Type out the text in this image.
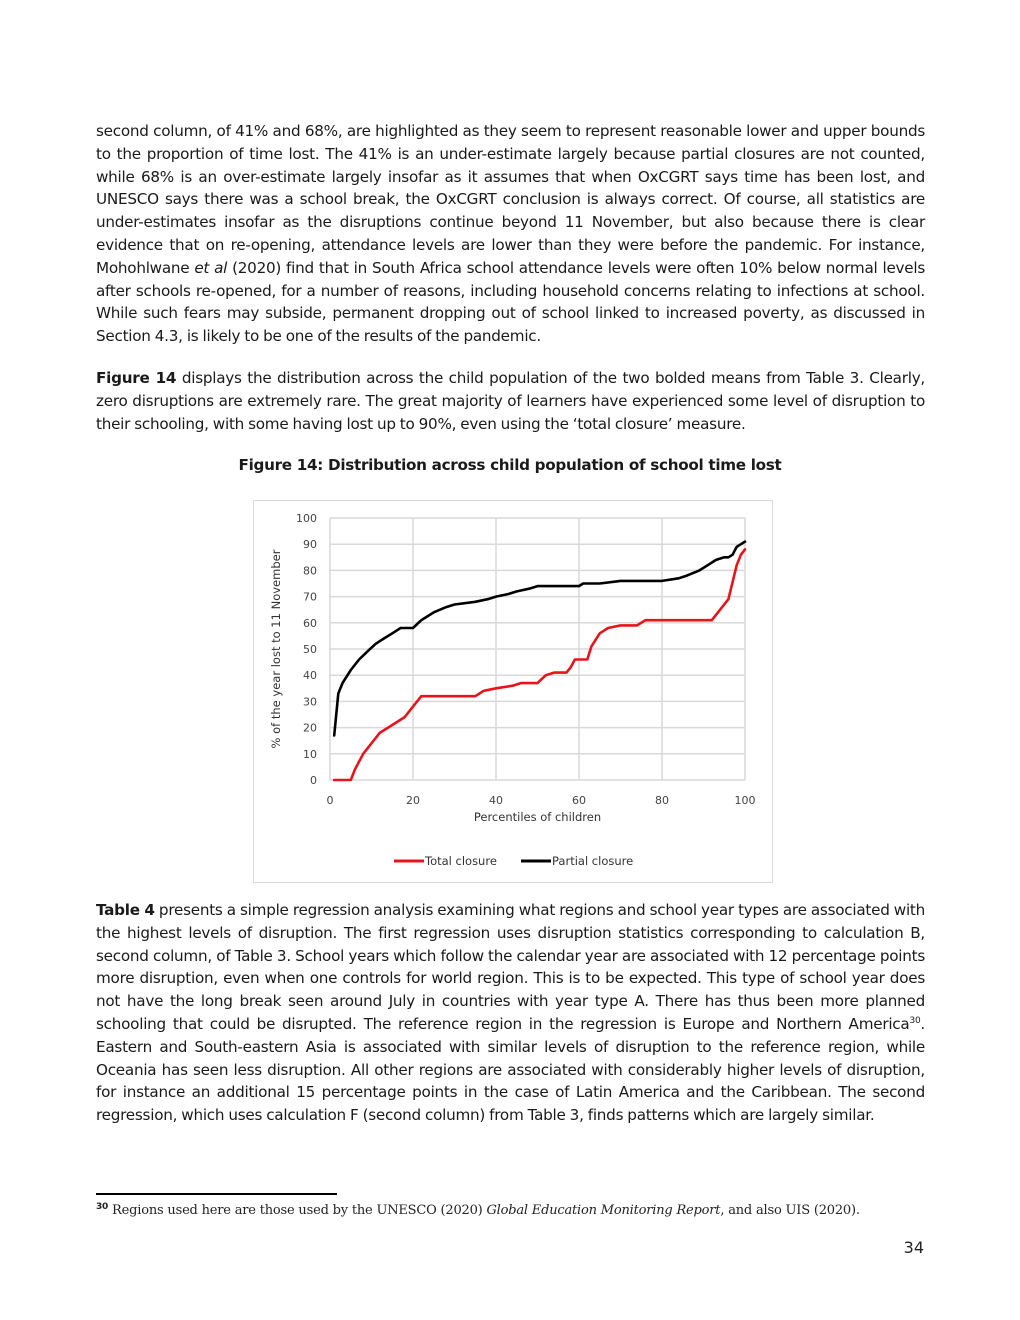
second column, of 41% and 68%, are highlighted as they seem to represent reasonable lower and upper bounds to the proportion of time lost. The 41% is an under-estimate largely because partial closures are not counted, while 68% is an over-estimate largely insofar as it assumes that when OxCGRT says time has been lost, and UNESCO says there was a school break, the OxCGRT conclusion is always correct. Of course, all statistics are under-estimates insofar as the disruptions continue beyond 11 November, but also because there is clear evidence that on re-opening, attendance levels are lower than they were before the pandemic. For instance, Mohohlwane et al (2020) find that in South Africa school attendance levels were often 10% below normal levels after schools re-opened, for a number of reasons, including household concerns relating to infections at school. While such fears may subside, permanent dropping out of school linked to increased poverty, as discussed in Section 4.3, is likely to be one of the results of the pandemic.

Figure 14 displays the distribution across the child population of the two bolded means from Table 3. Clearly, zero disruptions are extremely rare. The great majority of learners have experienced some level of disruption to their schooling, with some having lost up to 90%, even using the ‘total closure’ measure.

Figure 14: Distribution across child population of school time lost
0
10
20
30
40
50
60
70
80
90
100
0	20	40	60	80	100
Percentiles of children
% of the year lost to 11 November
Total closure	Partial closure

Table 4 presents a simple regression analysis examining what regions and school year types are associated with the highest levels of disruption. The first regression uses disruption statistics corresponding to calculation B, second column, of Table 3. School years which follow the calendar year are associated with 12 percentage points more disruption, even when one controls for world region. This is to be expected. This type of school year does not have the long break seen around July in countries with year type A. There has thus been more planned schooling that could be disrupted. The reference region in the regression is Europe and Northern America$^{30}$. Eastern and South-eastern Asia is associated with similar levels of disruption to the reference region, while Oceania has seen less disruption. All other regions are associated with considerably higher levels of disruption, for instance an additional 15 percentage points in the case of Latin America and the Caribbean. The second regression, which uses calculation F (second column) from Table 3, finds patterns which are largely similar.

$^{30}$ Regions used here are those used by the UNESCO (2020) Global Education Monitoring Report, and also UIS (2020).
34
